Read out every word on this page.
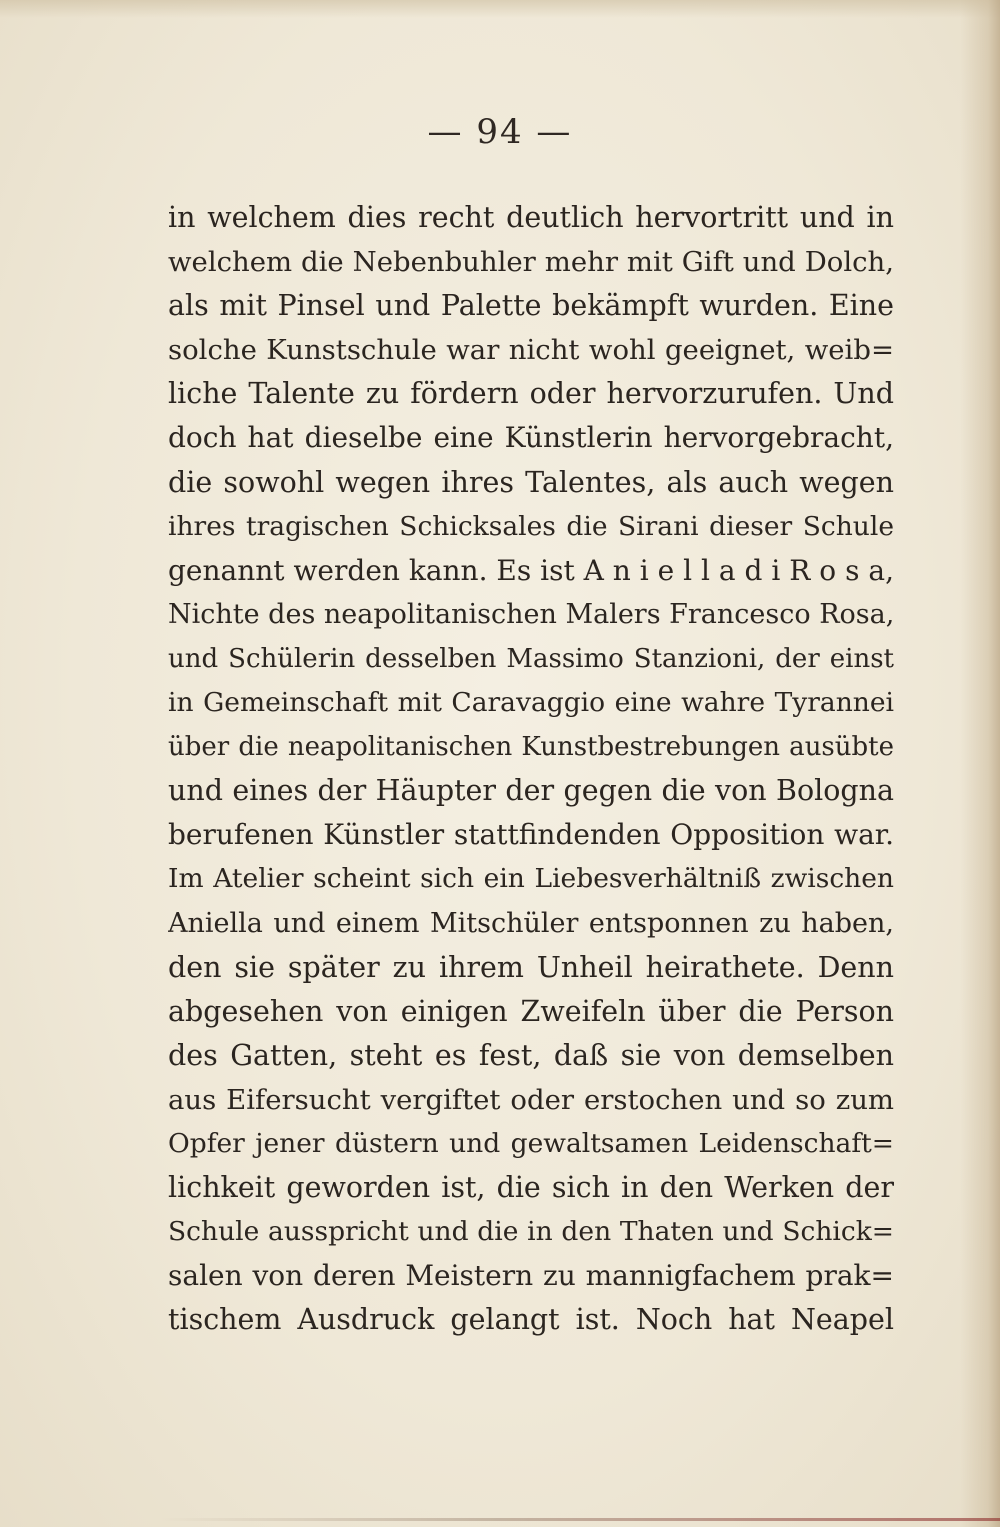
— 94 —
in welchem dies recht deutlich hervortritt und in
welchem die Nebenbuhler mehr mit Gift und Dolch,
als mit Pinsel und Palette bekämpft wurden. Eine
solche Kunstschule war nicht wohl geeignet, weib=
liche Talente zu fördern oder hervorzurufen. Und
doch hat dieselbe eine Künstlerin hervorgebracht,
die sowohl wegen ihres Talentes, als auch wegen
ihres tragischen Schicksales die Sirani dieser Schule
genannt werden kann. Es ist A n i e l l a d i R o s a,
Nichte des neapolitanischen Malers Francesco Rosa,
und Schülerin desselben Massimo Stanzioni, der einst
in Gemeinschaft mit Caravaggio eine wahre Tyrannei
über die neapolitanischen Kunstbestrebungen ausübte
und eines der Häupter der gegen die von Bologna
berufenen Künstler stattfindenden Opposition war.
Im Atelier scheint sich ein Liebesverhältniß zwischen
Aniella und einem Mitschüler entsponnen zu haben,
den sie später zu ihrem Unheil heirathete. Denn
abgesehen von einigen Zweifeln über die Person
des Gatten, steht es fest, daß sie von demselben
aus Eifersucht vergiftet oder erstochen und so zum
Opfer jener düstern und gewaltsamen Leidenschaft=
lichkeit geworden ist, die sich in den Werken der
Schule ausspricht und die in den Thaten und Schick=
salen von deren Meistern zu mannigfachem prak=
tischem Ausdruck gelangt ist. Noch hat Neapel
